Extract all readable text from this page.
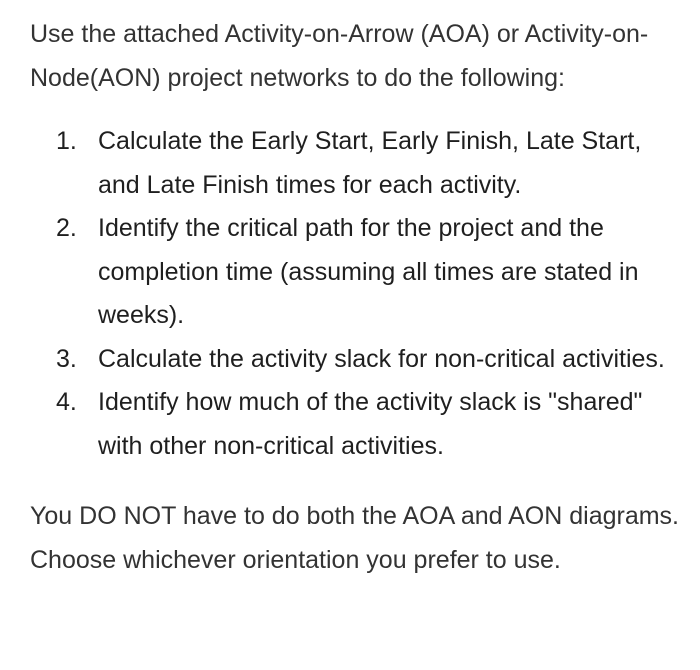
Use the attached Activity-on-Arrow (AOA) or Activity-on-Node(AON) project networks to do the following:

1. Calculate the Early Start, Early Finish, Late Start, and Late Finish times for each activity.
2. Identify the critical path for the project and the completion time (assuming all times are stated in weeks).
3. Calculate the activity slack for non-critical activities.
4. Identify how much of the activity slack is "shared" with other non-critical activities.

You DO NOT have to do both the AOA and AON diagrams. Choose whichever orientation you prefer to use.
